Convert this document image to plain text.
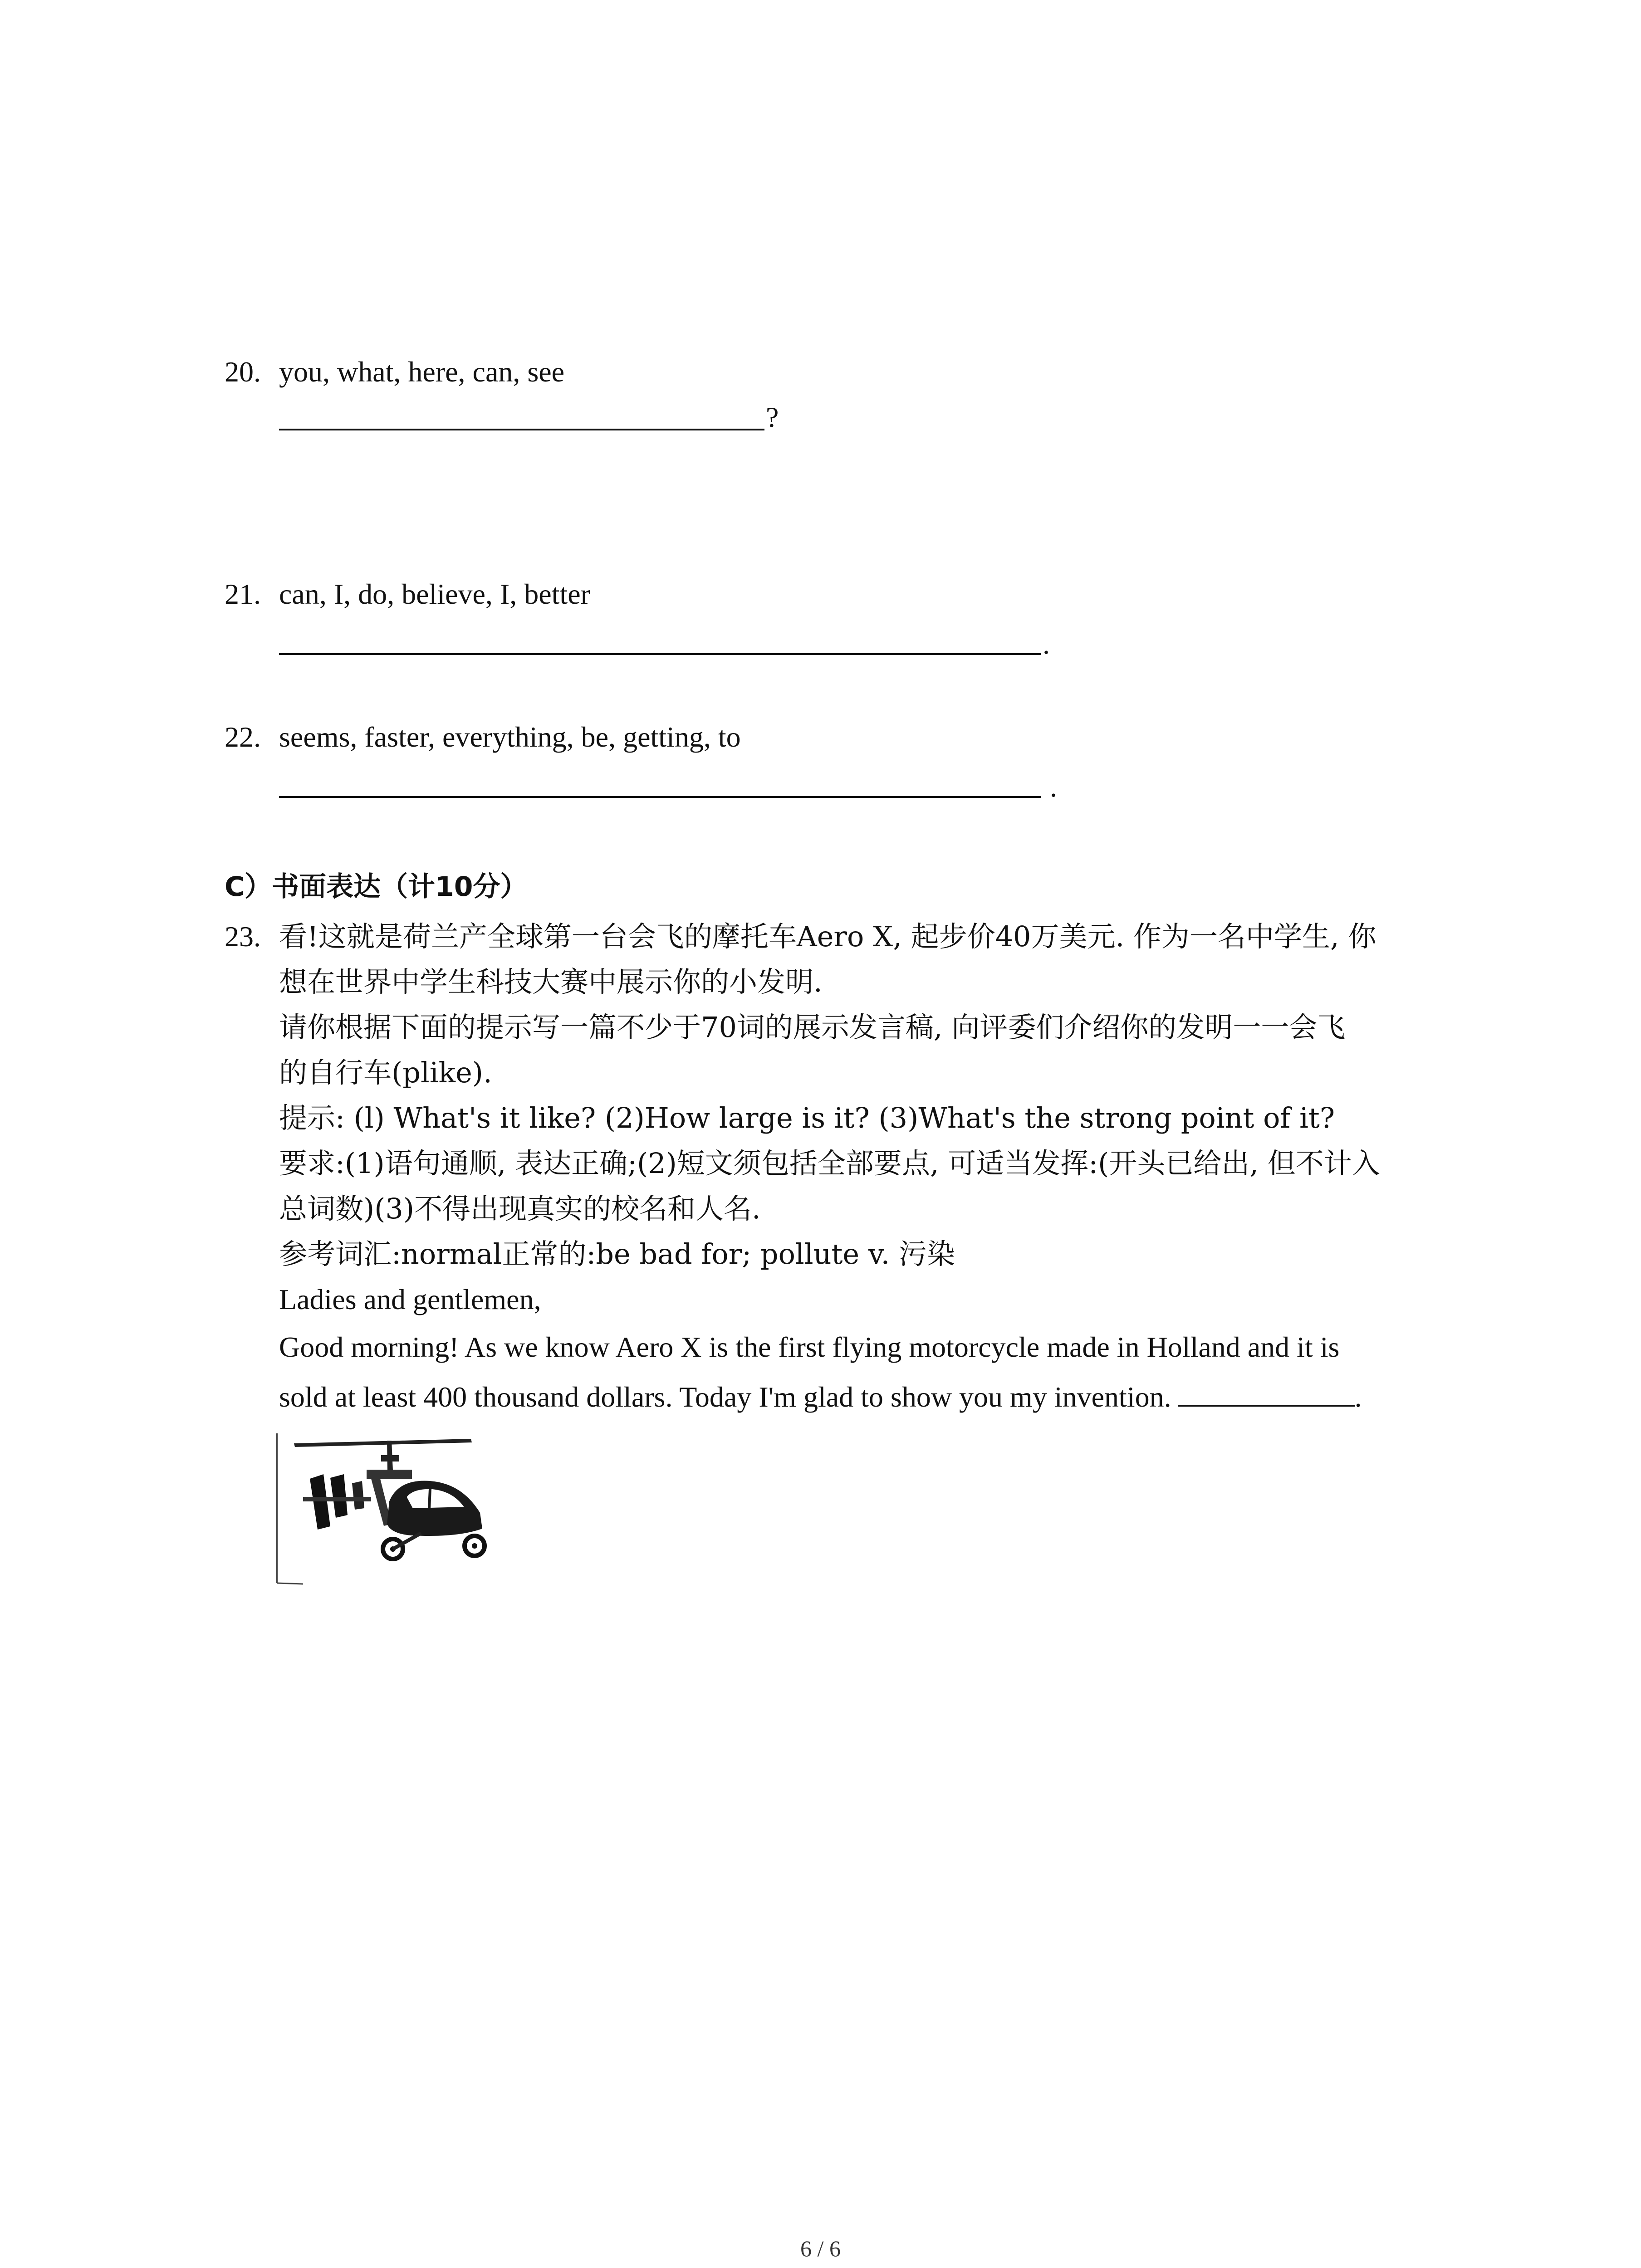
20. you, what, here, can, see
?
21. can, I, do, believe, I, better
.
22. seems, faster, everything, be, getting, to
.
C）书面表达（计10分）
23. 看!这就是荷兰产全球第一台会飞的摩托车Aero X, 起步价40万美元. 作为一名中学生, 你
想在世界中学生科技大赛中展示你的小发明.
请你根据下面的提示写一篇不少于70词的展示发言稿, 向评委们介绍你的发明一一会飞
的自行车(plike).
提示: (l) What's it like? (2)How large is it? (3)What's the strong point of it?
要求:(1)语句通顺, 表达正确;(2)短文须包括全部要点, 可适当发挥:(开头已给出, 但不计入
总词数)(3)不得出现真实的校名和人名.
参考词汇:normal正常的:be bad for; pollute v. 污染
Ladies and gentlemen,
Good morning! As we know Aero X is the first flying motorcycle made in Holland and it is
sold at least 400 thousand dollars. Today I'm glad to show you my invention.	.
6 / 6
